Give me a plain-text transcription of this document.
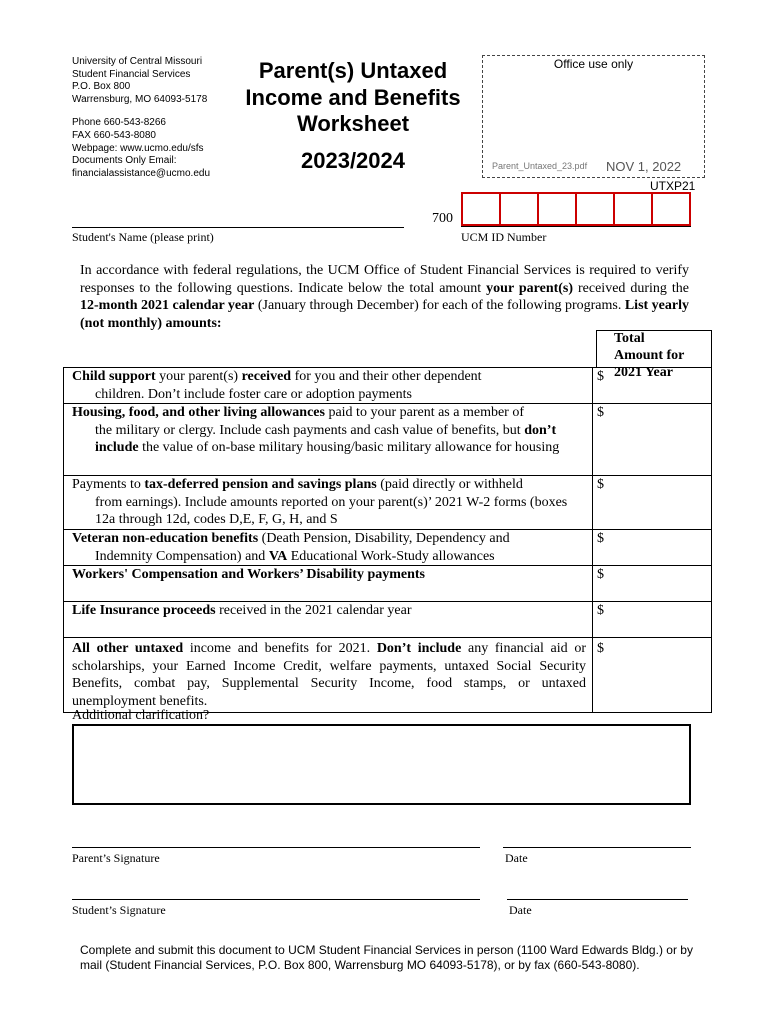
University of Central Missouri
Student Financial Services
P.O. Box 800
Warrensburg, MO 64093-5178
Phone 660-543-8266
FAX 660-543-8080
Webpage: www.ucmo.edu/sfs
Documents Only Email:
financialassistance@ucmo.edu
Parent(s) Untaxed
Income and Benefits
Worksheet
2023/2024
Office use only
Parent_Untaxed_23.pdf NOV 1, 2022
UTXP21
Student's Name (please print)
700
UCM ID Number
In accordance with federal regulations, the UCM Office of Student Financial Services is required to verify responses to the following questions. Indicate below the total amount your parent(s) received during the 12-month 2021 calendar year (January through December) for each of the following programs. List yearly (not monthly) amounts:
Total
Amount for
2021 Year
Child support your parent(s) received for you and their other dependent
children. Don’t include foster care or adoption payments
$
Housing, food, and other living allowances paid to your parent as a member of
the military or clergy. Include cash payments and cash value of benefits, but don’t include the value of on-base military housing/basic military allowance for housing
$
Payments to tax-deferred pension and savings plans (paid directly or withheld
from earnings). Include amounts reported on your parent(s)’ 2021 W-2 forms (boxes 12a through 12d, codes D,E, F, G, H, and S
$
Veteran non-education benefits (Death Pension, Disability, Dependency and
Indemnity Compensation) and VA Educational Work-Study allowances
$
Workers' Compensation and Workers’ Disability payments	$
Life Insurance proceeds received in the 2021 calendar year	$
All other untaxed income and benefits for 2021. Don’t include any financial aid or scholarships, your Earned Income Credit, welfare payments, untaxed Social Security Benefits, combat pay, Supplemental Security Income, food stamps, or untaxed unemployment benefits.
$
Additional clarification?
Parent’s Signature	Date
Student’s Signature	Date
Complete and submit this document to UCM Student Financial Services in person (1100 Ward Edwards Bldg.) or by mail (Student Financial Services, P.O. Box 800, Warrensburg MO 64093-5178), or by fax (660-543-8080).
